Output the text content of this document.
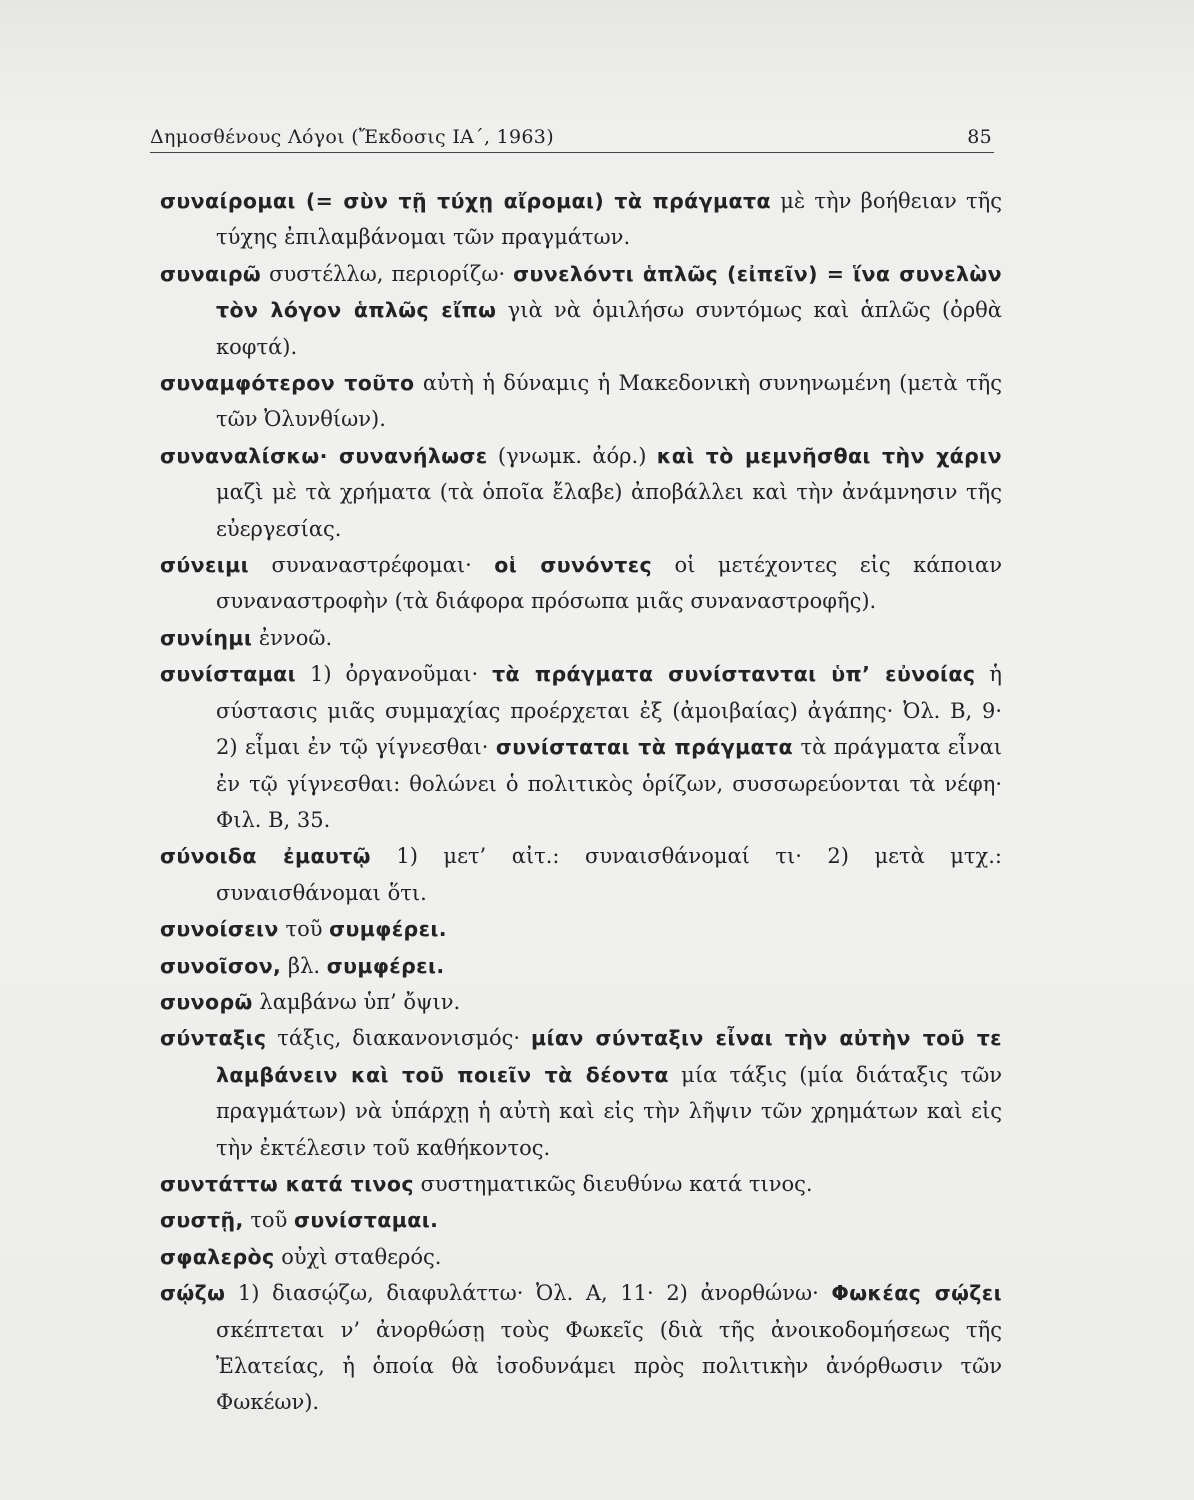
Δημοσθένους Λόγοι (Ἔκδοσις ΙΑ΄, 1963)	85
συναίρομαι (= σὺν τῇ τύχῃ αἴρομαι) τὰ πράγματα μὲ τὴν βοήθειαν τῆς τύχης ἐπιλαμβάνομαι τῶν πραγμάτων.
συναιρῶ συστέλλω, περιορίζω· συνελόντι ἁπλῶς (εἰπεῖν) = ἵνα συνελὼν τὸν λόγον ἁπλῶς εἴπω γιὰ νὰ ὁμιλήσω συντόμως καὶ ἁπλῶς (ὀρθὰ κοφτά).
συναμφότερον τοῦτο αὐτὴ ἡ δύναμις ἡ Μακεδονικὴ συνηνωμένη (μετὰ τῆς τῶν Ὀλυνθίων).
συναναλίσκω· συνανήλωσε (γνωμκ. ἀόρ.) καὶ τὸ μεμνῆσθαι τὴν χάριν μαζὶ μὲ τὰ χρήματα (τὰ ὁποῖα ἔλαβε) ἀποβάλλει καὶ τὴν ἀνάμνησιν τῆς εὐεργεσίας.
σύνειμι συναναστρέφομαι· οἱ συνόντες οἱ μετέχοντες εἰς κάποιαν συναναστροφὴν (τὰ διάφορα πρόσωπα μιᾶς συναναστροφῆς).
συνίημι ἐννοῶ.
συνίσταμαι 1) ὀργανοῦμαι· τὰ πράγματα συνίστανται ὑπ’ εὐνοίας ἡ σύστασις μιᾶς συμμαχίας προέρχεται ἐξ (ἀμοιβαίας) ἀγάπης· Ὀλ. Β, 9· 2) εἶμαι ἐν τῷ γίγνεσθαι· συνίσταται τὰ πράγματα τὰ πράγματα εἶναι ἐν τῷ γίγνεσθαι: θολώνει ὁ πολιτικὸς ὁρίζων, συσσωρεύονται τὰ νέφη· Φιλ. Β, 35.
σύνοιδα ἐμαυτῷ 1) μετ’ αἰτ.: συναισθάνομαί τι· 2) μετὰ μτχ.: συναισθάνομαι ὅτι.
συνοίσειν τοῦ συμφέρει.
συνοῖσον, βλ. συμφέρει.
συνορῶ λαμβάνω ὑπ’ ὄψιν.
σύνταξις τάξις, διακανονισμός· μίαν σύνταξιν εἶναι τὴν αὐτὴν τοῦ τε λαμβάνειν καὶ τοῦ ποιεῖν τὰ δέοντα μία τάξις (μία διάταξις τῶν πραγμάτων) νὰ ὑπάρχῃ ἡ αὐτὴ καὶ εἰς τὴν λῆψιν τῶν χρημάτων καὶ εἰς τὴν ἐκτέλεσιν τοῦ καθήκοντος.
συντάττω κατά τινος συστηματικῶς διευθύνω κατά τινος.
συστῇ, τοῦ συνίσταμαι.
σφαλερὸς οὐχὶ σταθερός.
σῴζω 1) διασῴζω, διαφυλάττω· Ὀλ. Α, 11· 2) ἀνορθώνω· Φωκέας σῴζει σκέπτεται ν’ ἀνορθώσῃ τοὺς Φωκεῖς (διὰ τῆς ἀνοικοδομήσεως τῆς Ἐλατείας, ἡ ὁποία θὰ ἰσοδυνάμει πρὸς πολιτικὴν ἀνόρθωσιν τῶν Φωκέων).
